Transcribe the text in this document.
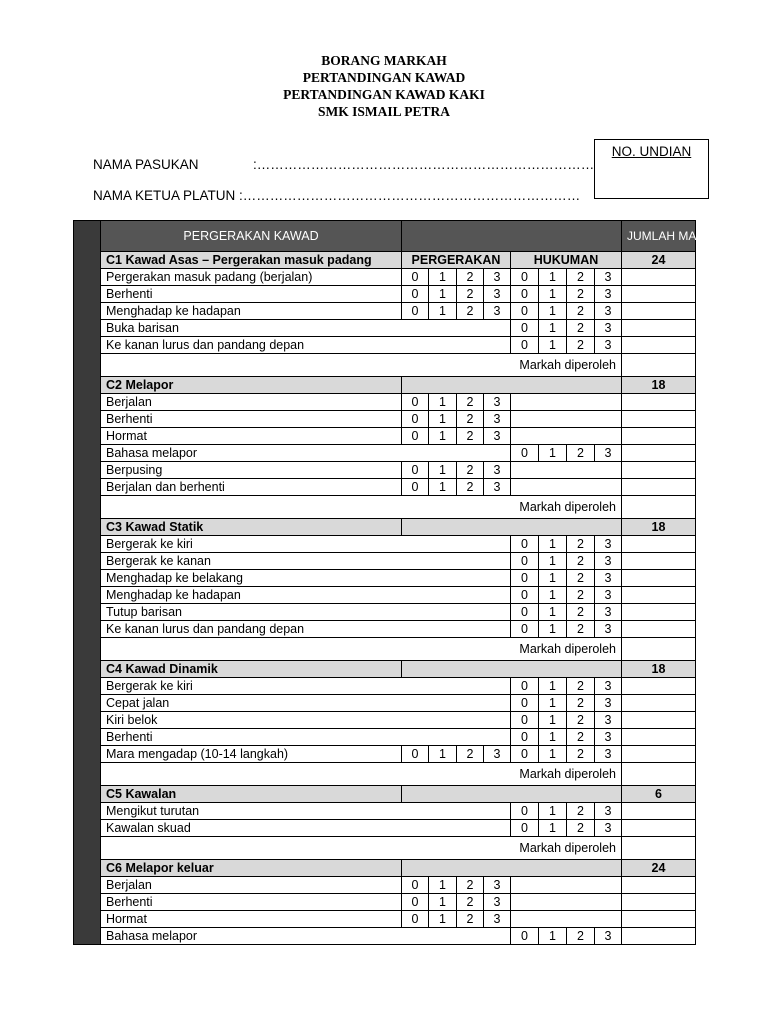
BORANG MARKAH
PERTANDINGAN KAWAD
PERTANDINGAN KAWAD KAKI
SMK ISMAIL PETRA
NAMA PASUKAN	:…………………………………………………………………
NAMA KETUA PLATUN :…………………………………………………………………
NO. UNDIAN
	PERGERAKAN KAWAD									JUMLAH MARKAH
	C1 Kawad Asas – Pergerakan masuk padang	PERGERAKAN				HUKUMAN				24
	Pergerakan masuk padang (berjalan)	0	1	2	3	0	1	2	3	
	Berhenti	0	1	2	3	0	1	2	3	
	Menghadap ke hadapan	0	1	2	3	0	1	2	3	
	Buka barisan					0	1	2	3	
	Ke kanan lurus dan pandang depan					0	1	2	3	
	Markah diperoleh									
	C2 Melapor									18
	Berjalan	0	1	2	3					
	Berhenti	0	1	2	3					
	Hormat	0	1	2	3					
	Bahasa melapor					0	1	2	3	
	Berpusing	0	1	2	3					
	Berjalan dan berhenti	0	1	2	3					
	Markah diperoleh									
	C3 Kawad Statik									18
	Bergerak ke kiri					0	1	2	3	
	Bergerak ke kanan					0	1	2	3	
	Menghadap ke belakang					0	1	2	3	
	Menghadap ke hadapan					0	1	2	3	
	Tutup barisan					0	1	2	3	
	Ke kanan lurus dan pandang depan					0	1	2	3	
	Markah diperoleh									
	C4 Kawad Dinamik									18
	Bergerak ke kiri					0	1	2	3	
	Cepat jalan					0	1	2	3	
	Kiri belok					0	1	2	3	
	Berhenti					0	1	2	3	
	Mara mengadap (10-14 langkah)	0	1	2	3	0	1	2	3	
	Markah diperoleh									
	C5 Kawalan									6
	Mengikut turutan					0	1	2	3	
	Kawalan skuad					0	1	2	3	
	Markah diperoleh									
	C6 Melapor keluar									24
	Berjalan	0	1	2	3					
	Berhenti	0	1	2	3					
	Hormat	0	1	2	3					
	Bahasa melapor					0	1	2	3	
